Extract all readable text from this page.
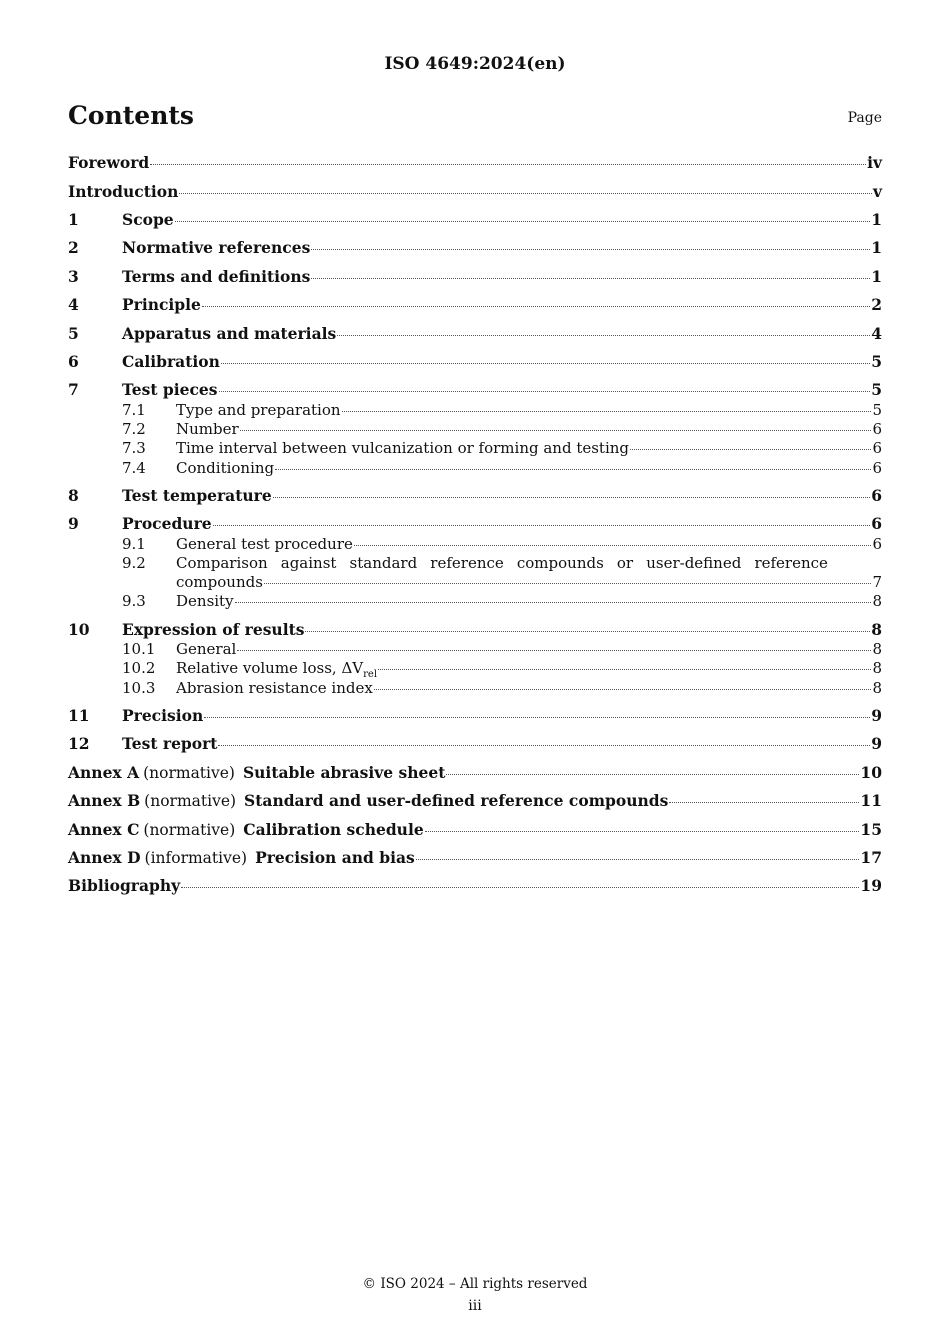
ISO 4649:2024(en)
Contents	Page
Foreword	iv
Introduction	v
1	Scope	1
2	Normative references	1
3	Terms and definitions	1
4	Principle	2
5	Apparatus and materials	4
6	Calibration	5
7	Test pieces	5
7.1	Type and preparation	5
7.2	Number	6
7.3	Time interval between vulcanization or forming and testing	6
7.4	Conditioning	6
8	Test temperature	6
9	Procedure	6
9.1	General test procedure	6
9.2	Comparison against standard reference compounds or user-defined reference
compounds	7
9.3	Density	8
10	Expression of results	8
10.1	General	8
10.2	Relative volume loss, $\Delta V_{rel}$	8
10.3	Abrasion resistance index	8
11	Precision	9
12	Test report	9
Annex A (normative) Suitable abrasive sheet	10
Annex B (normative) Standard and user-defined reference compounds	11
Annex C (normative) Calibration schedule	15
Annex D (informative) Precision and bias	17
Bibliography	19
© ISO 2024 – All rights reserved
iii
